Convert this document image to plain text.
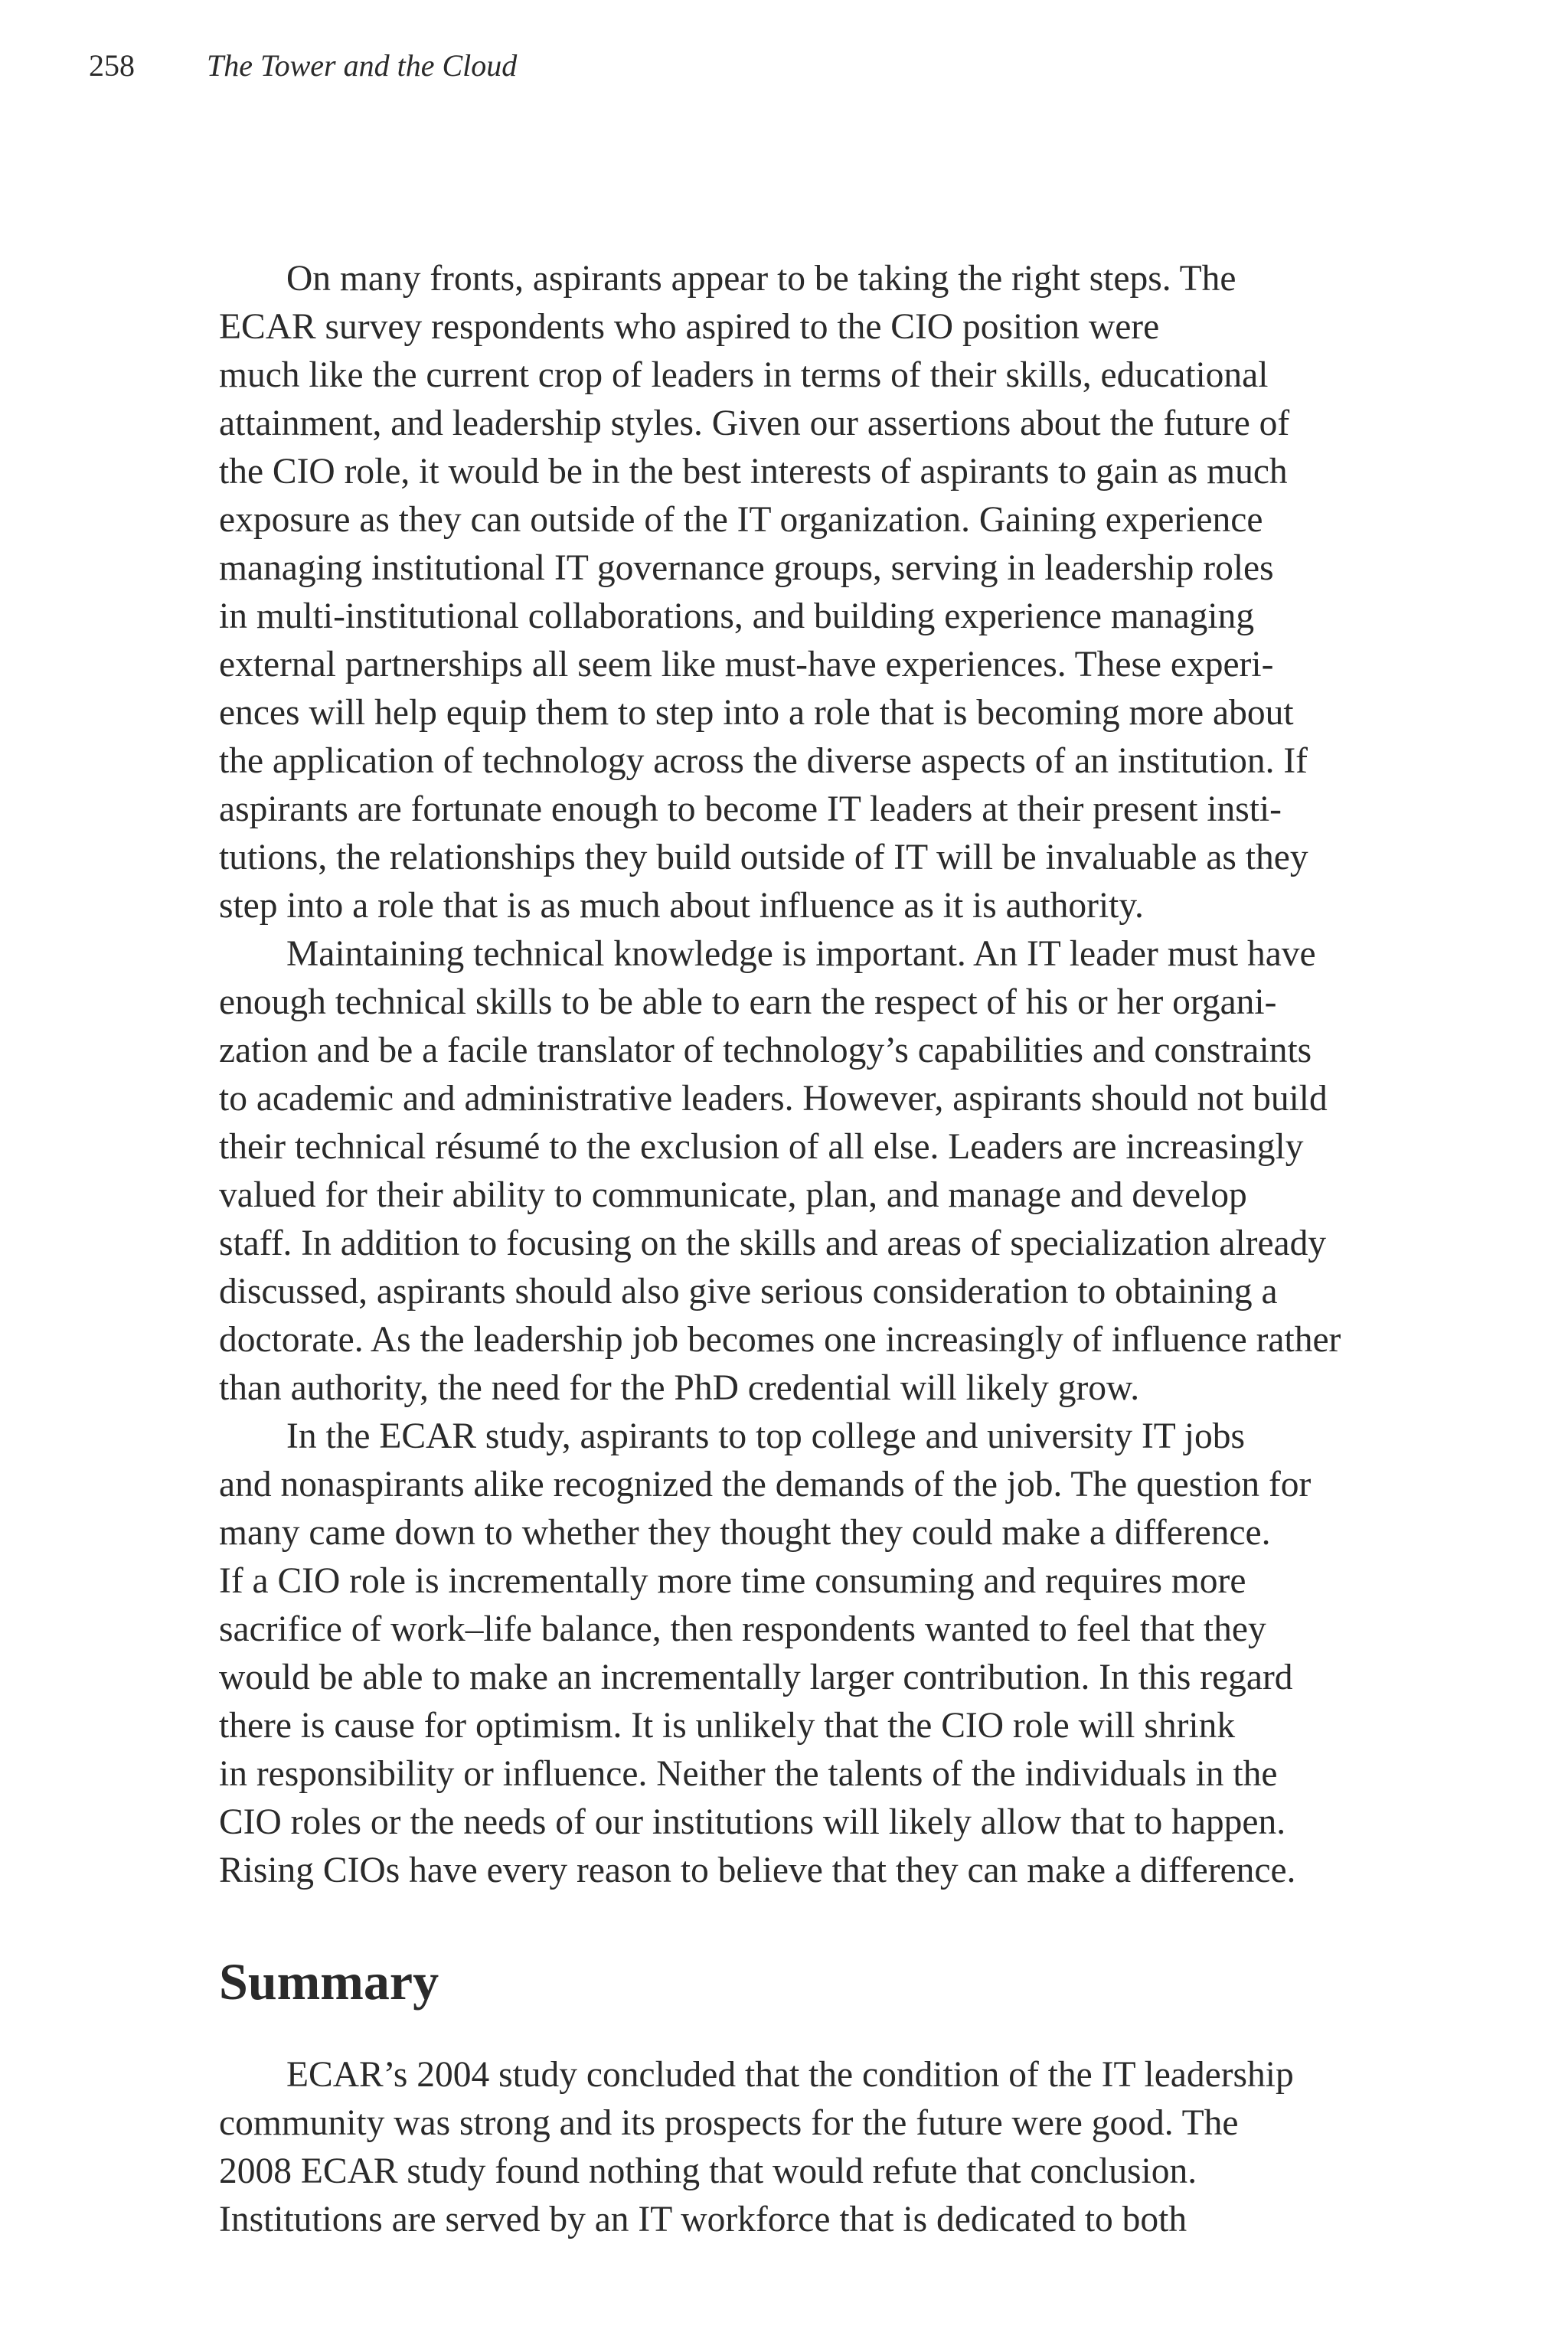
258 The Tower and the Cloud
On many fronts, aspirants appear to be taking the right steps. The
ECAR survey respondents who aspired to the CIO position were
much like the current crop of leaders in terms of their skills, educational
attainment, and leadership styles. Given our assertions about the future of
the CIO role, it would be in the best interests of aspirants to gain as much
exposure as they can outside of the IT organization. Gaining experience
managing institutional IT governance groups, serving in leadership roles
in multi-institutional collaborations, and building experience managing
external partnerships all seem like must-have experiences. These experi-
ences will help equip them to step into a role that is becoming more about
the application of technology across the diverse aspects of an institution. If
aspirants are fortunate enough to become IT leaders at their present insti-
tutions, the relationships they build outside of IT will be invaluable as they
step into a role that is as much about influence as it is authority.
Maintaining technical knowledge is important. An IT leader must have
enough technical skills to be able to earn the respect of his or her organi-
zation and be a facile translator of technology’s capabilities and constraints
to academic and administrative leaders. However, aspirants should not build
their technical résumé to the exclusion of all else. Leaders are increasingly
valued for their ability to communicate, plan, and manage and develop
staff. In addition to focusing on the skills and areas of specialization already
discussed, aspirants should also give serious consideration to obtaining a
doctorate. As the leadership job becomes one increasingly of influence rather
than authority, the need for the PhD credential will likely grow.
In the ECAR study, aspirants to top college and university IT jobs
and nonaspirants alike recognized the demands of the job. The question for
many came down to whether they thought they could make a difference.
If a CIO role is incrementally more time consuming and requires more
sacrifice of work–life balance, then respondents wanted to feel that they
would be able to make an incrementally larger contribution. In this regard
there is cause for optimism. It is unlikely that the CIO role will shrink
in responsibility or influence. Neither the talents of the individuals in the
CIO roles or the needs of our institutions will likely allow that to happen.
Rising CIOs have every reason to believe that they can make a difference.
Summary
ECAR’s 2004 study concluded that the condition of the IT leadership
community was strong and its prospects for the future were good. The
2008 ECAR study found nothing that would refute that conclusion.
Institutions are served by an IT workforce that is dedicated to both
